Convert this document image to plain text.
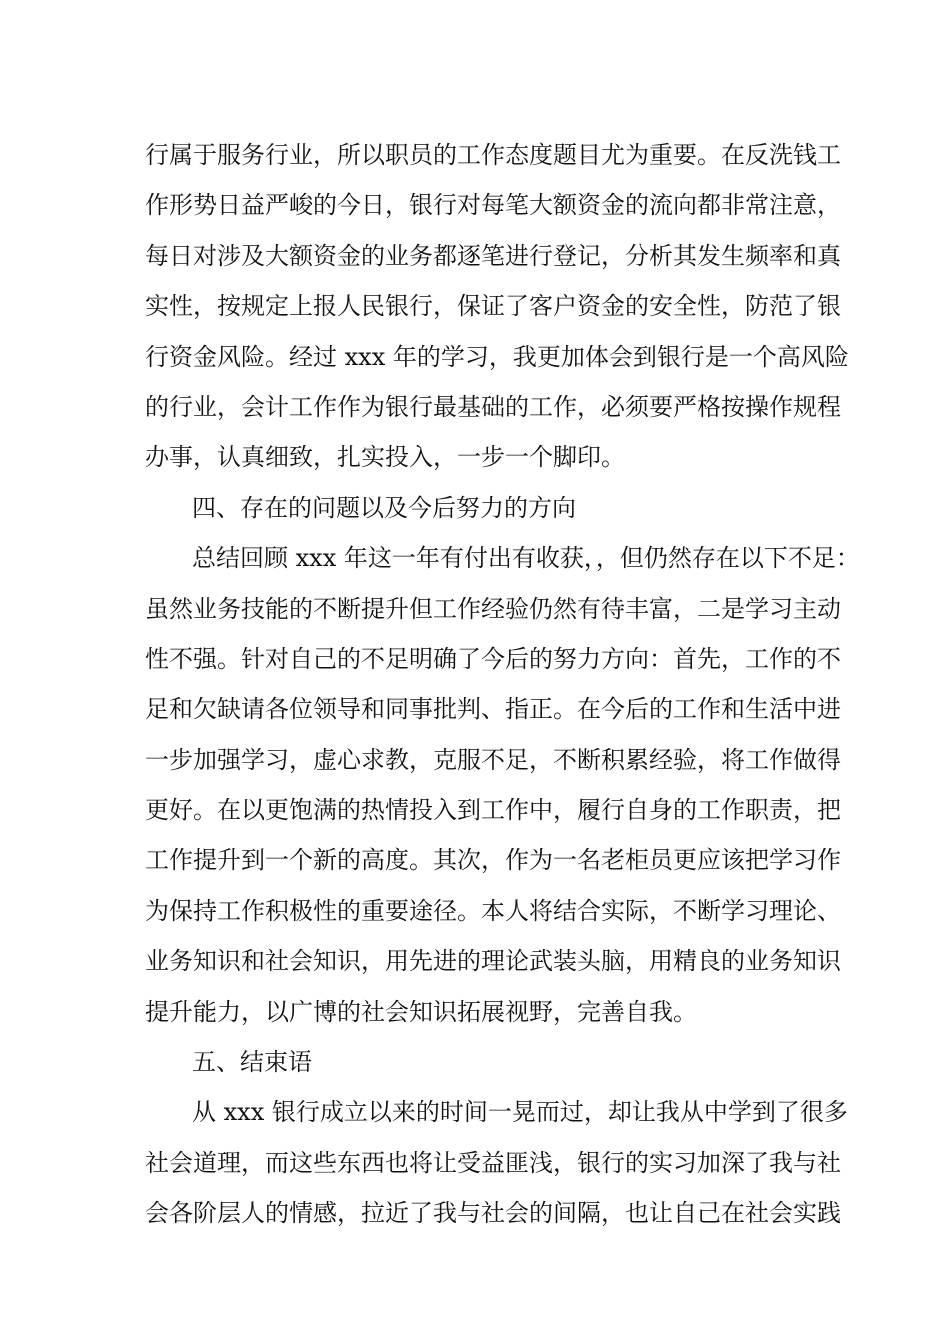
行属于服务行业，所以职员的工作态度题目尤为重要。在反洗钱工
作形势日益严峻的今日，银行对每笔大额资金的流向都非常注意，
每日对涉及大额资金的业务都逐笔进行登记，分析其发生频率和真
实性，按规定上报人民银行，保证了客户资金的安全性，防范了银
行资金风险。经过 xxx 年的学习，我更加体会到银行是一个高风险
的行业，会计工作作为银行最基础的工作，必须要严格按操作规程
办事，认真细致，扎实投入，一步一个脚印。
四、存在的问题以及今后努力的方向
总结回顾 xxx 年这一年有付出有收获，，但仍然存在以下不足：
虽然业务技能的不断提升但工作经验仍然有待丰富，二是学习主动
性不强。针对自己的不足明确了今后的努力方向：首先，工作的不
足和欠缺请各位领导和同事批判、指正。在今后的工作和生活中进
一步加强学习，虚心求教，克服不足，不断积累经验，将工作做得
更好。在以更饱满的热情投入到工作中，履行自身的工作职责，把
工作提升到一个新的高度。其次，作为一名老柜员更应该把学习作
为保持工作积极性的重要途径。本人将结合实际，不断学习理论、
业务知识和社会知识，用先进的理论武装头脑，用精良的业务知识
提升能力，以广博的社会知识拓展视野，完善自我。
五、结束语
从 xxx 银行成立以来的时间一晃而过，却让我从中学到了很多
社会道理，而这些东西也将让受益匪浅，银行的实习加深了我与社
会各阶层人的情感，拉近了我与社会的间隔，也让自己在社会实践
